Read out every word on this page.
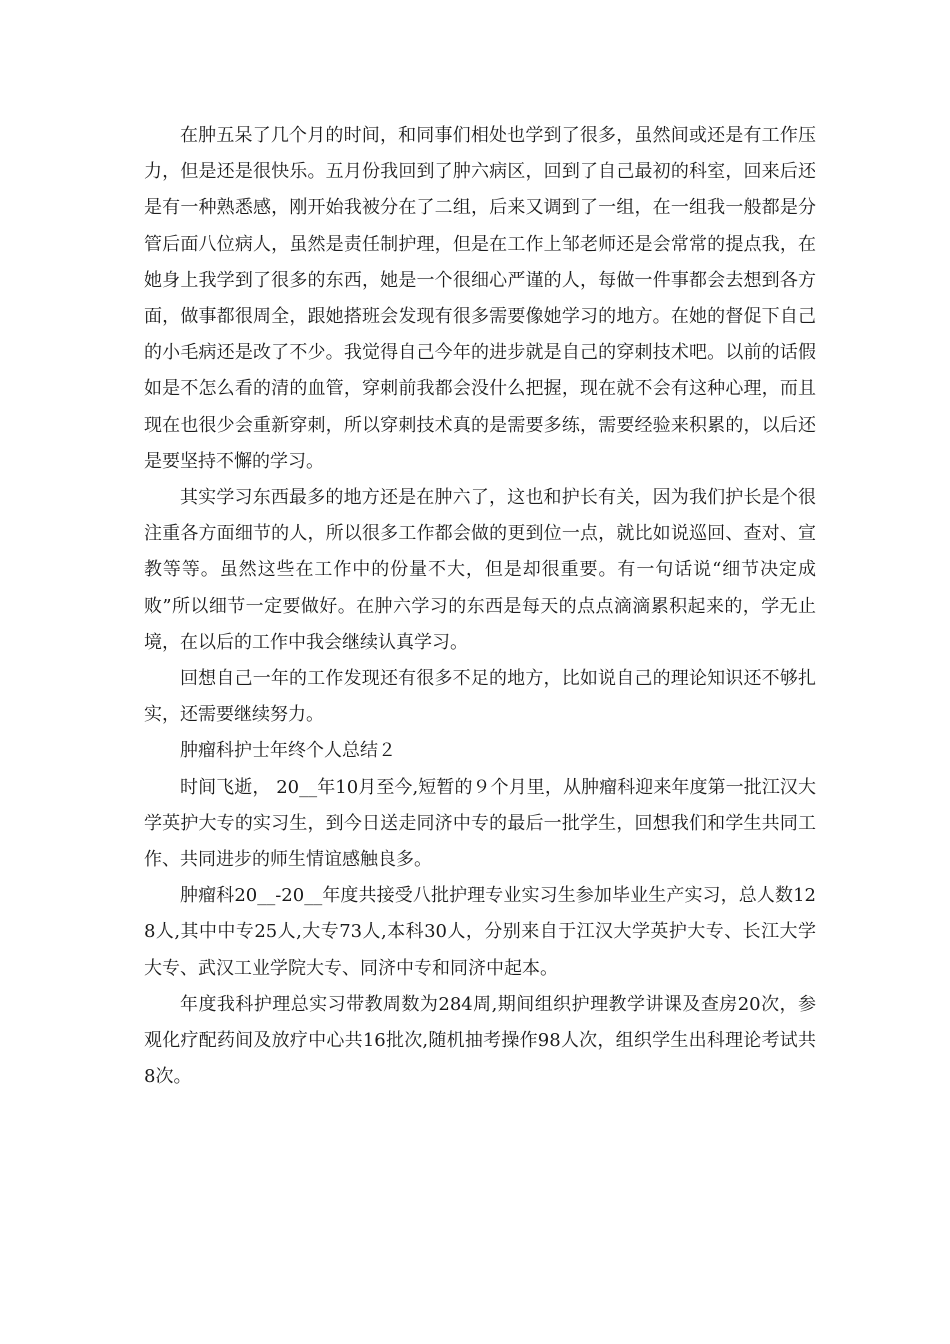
在肿五呆了几个月的时间，和同事们相处也学到了很多，虽然间或还是有工作压力，但是还是很快乐。五月份我回到了肿六病区，回到了自己最初的科室，回来后还是有一种熟悉感，刚开始我被分在了二组，后来又调到了一组，在一组我一般都是分管后面八位病人，虽然是责任制护理，但是在工作上邹老师还是会常常的提点我，在她身上我学到了很多的东西，她是一个很细心严谨的人，每做一件事都会去想到各方面，做事都很周全，跟她搭班会发现有很多需要像她学习的地方。在她的督促下自己的小毛病还是改了不少。我觉得自己今年的进步就是自己的穿刺技术吧。以前的话假如是不怎么看的清的血管，穿刺前我都会没什么把握，现在就不会有这种心理，而且现在也很少会重新穿刺，所以穿刺技术真的是需要多练，需要经验来积累的，以后还是要坚持不懈的学习。

其实学习东西最多的地方还是在肿六了，这也和护长有关，因为我们护长是个很注重各方面细节的人，所以很多工作都会做的更到位一点，就比如说巡回、查对、宣教等等。虽然这些在工作中的份量不大，但是却很重要。有一句话说“细节决定成败”所以细节一定要做好。在肿六学习的东西是每天的点点滴滴累积起来的，学无止境，在以后的工作中我会继续认真学习。

回想自己一年的工作发现还有很多不足的地方，比如说自己的理论知识还不够扎实，还需要继续努力。

肿瘤科护士年终个人总结２

时间飞逝， 20__年10月至今,短暂的９个月里，从肿瘤科迎来年度第一批江汉大学英护大专的实习生，到今日送走同济中专的最后一批学生，回想我们和学生共同工作、共同进步的师生情谊感触良多。

肿瘤科20__-20__年度共接受八批护理专业实习生参加毕业生产实习，总人数128人,其中中专25人,大专73人,本科30人，分别来自于江汉大学英护大专、长江大学大专、武汉工业学院大专、同济中专和同济中起本。

年度我科护理总实习带教周数为284周,期间组织护理教学讲课及查房20次，参观化疗配药间及放疗中心共16批次,随机抽考操作98人次，组织学生出科理论考试共8次。
